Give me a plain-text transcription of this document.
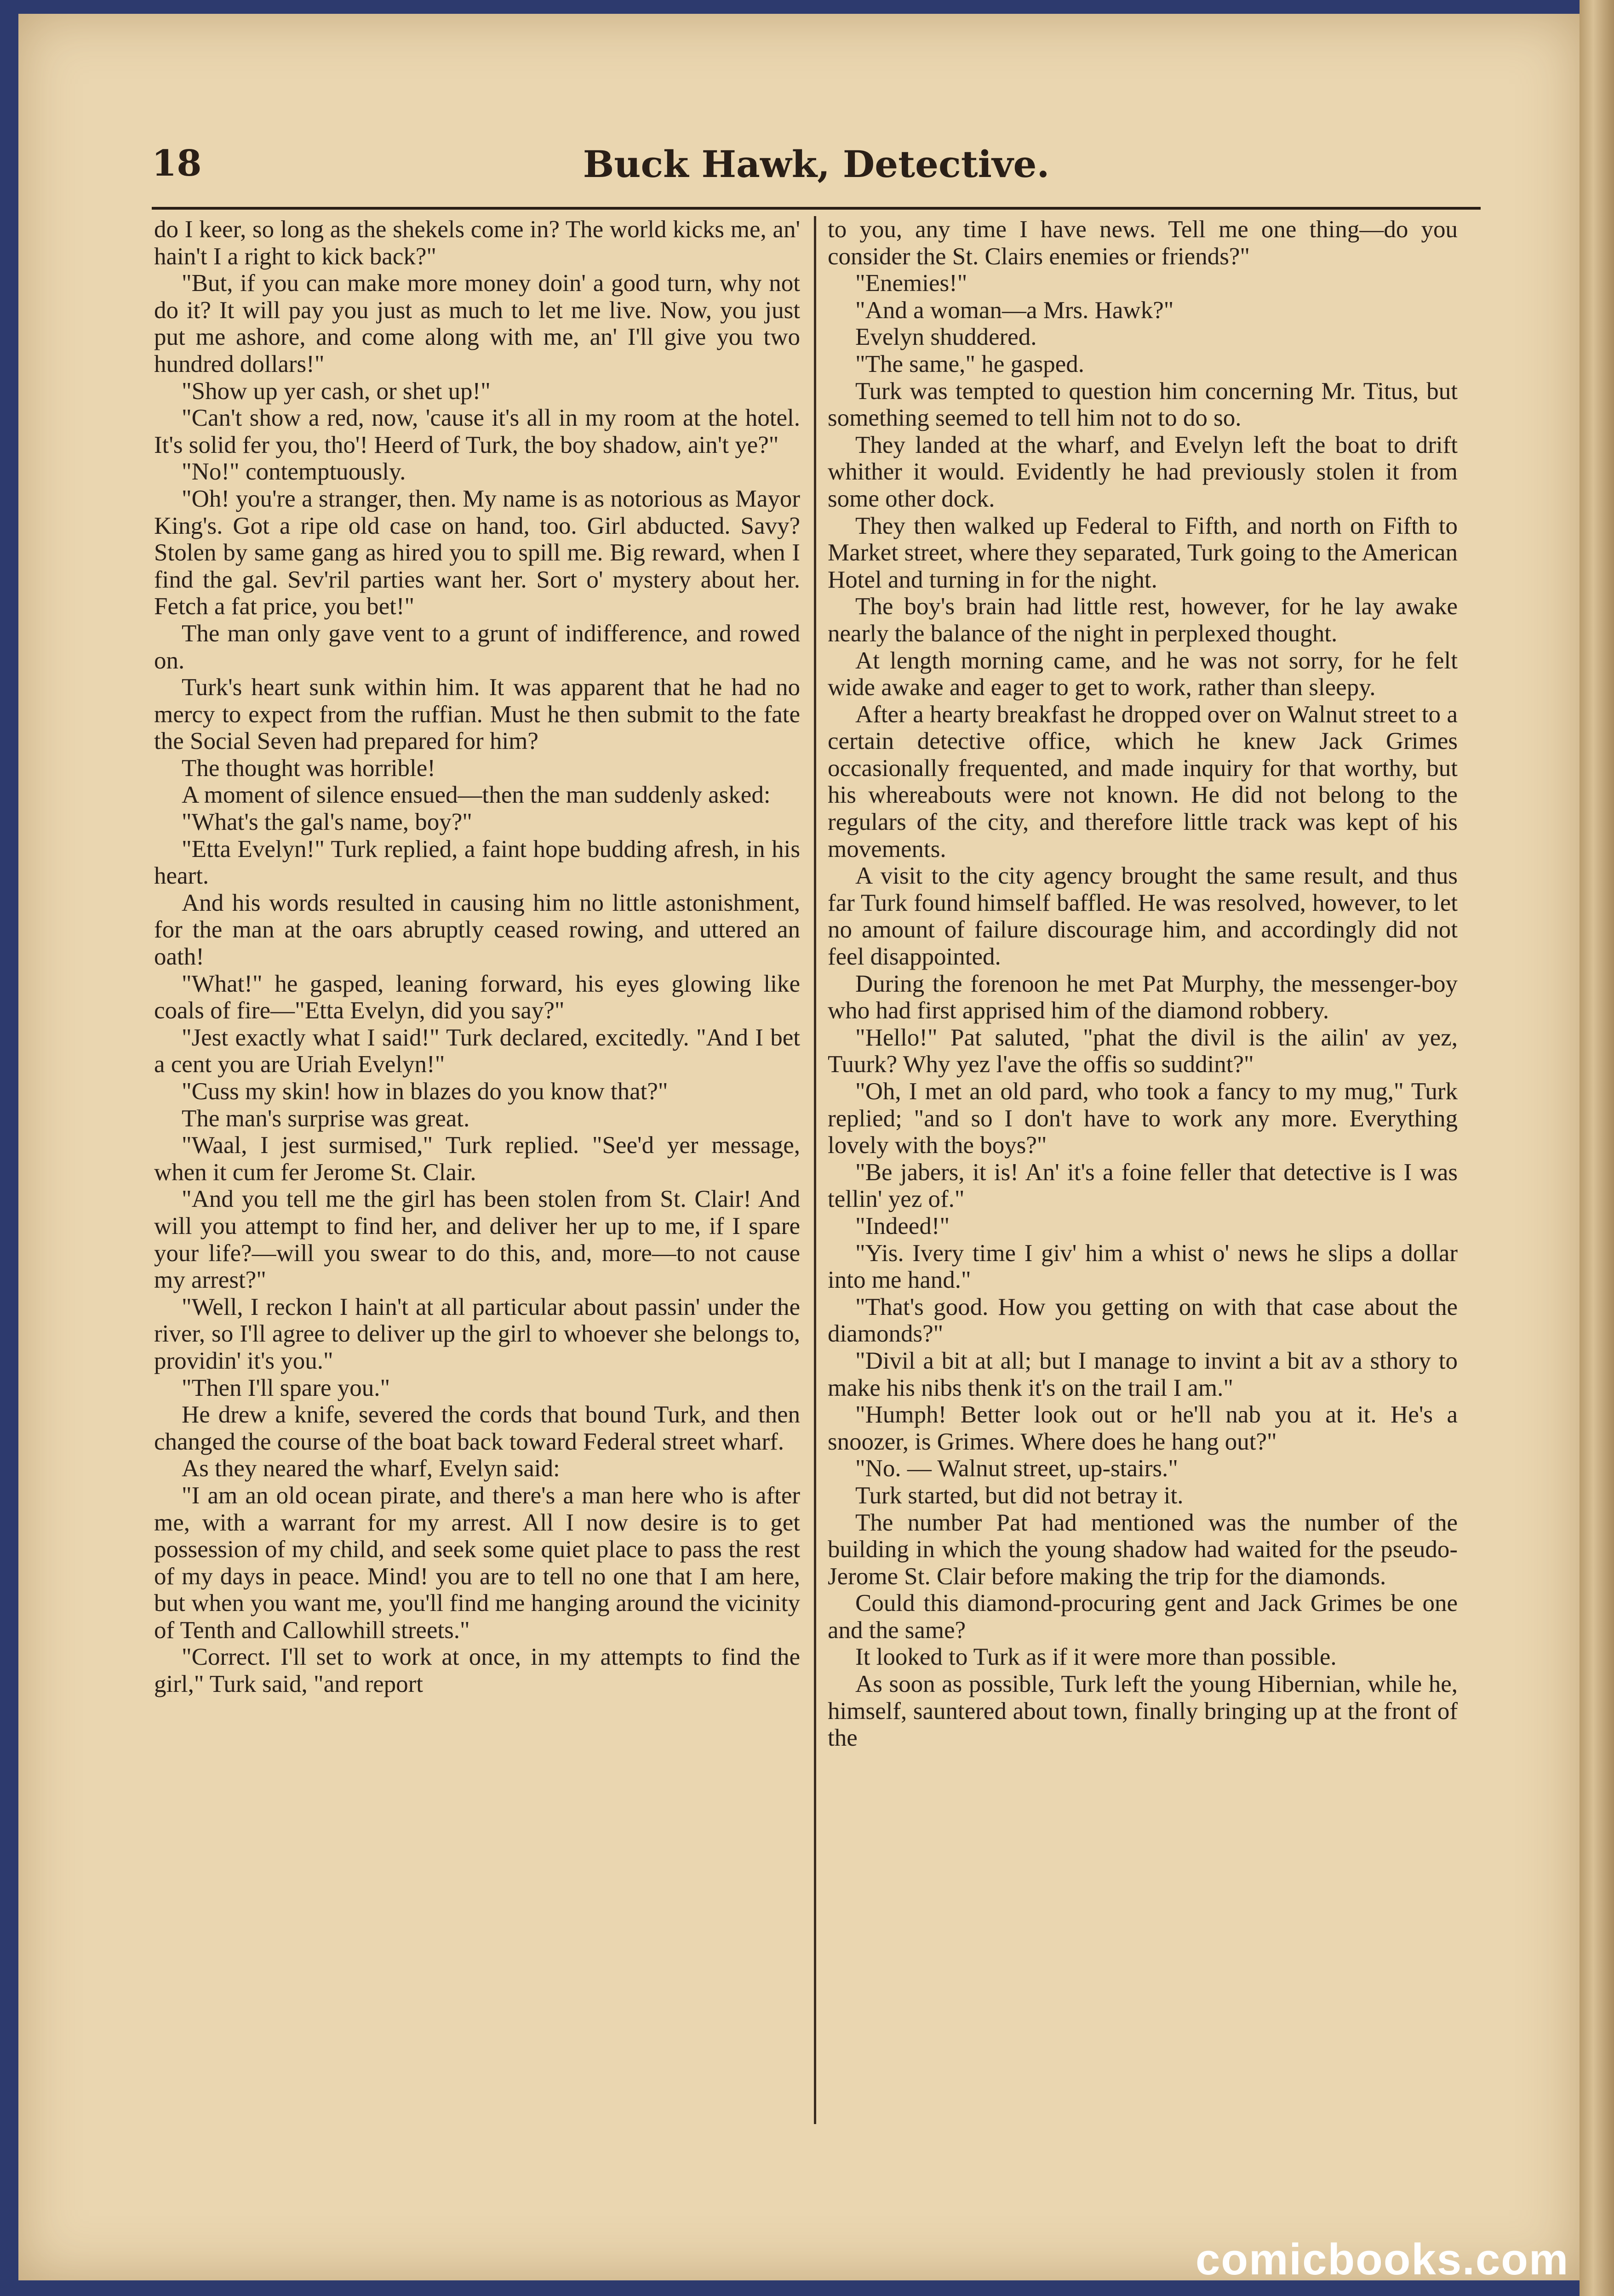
18	Buck Hawk, Detective.

do I keer, so long as the shekels come in? The world kicks me, an' hain't I a right to kick back?"

"But, if you can make more money doin' a good turn, why not do it? It will pay you just as much to let me live. Now, you just put me ashore, and come along with me, an' I'll give you two hundred dollars!"

"Show up yer cash, or shet up!"

"Can't show a red, now, 'cause it's all in my room at the hotel. It's solid fer you, tho'! Heerd of Turk, the boy shadow, ain't ye?"

"No!" contemptuously.

"Oh! you're a stranger, then. My name is as notorious as Mayor King's. Got a ripe old case on hand, too. Girl abducted. Savy? Stolen by same gang as hired you to spill me. Big reward, when I find the gal. Sev'ril parties want her. Sort o' mystery about her. Fetch a fat price, you bet!"

The man only gave vent to a grunt of indifference, and rowed on.

Turk's heart sunk within him. It was apparent that he had no mercy to expect from the ruffian. Must he then submit to the fate the Social Seven had prepared for him?

The thought was horrible!

A moment of silence ensued—then the man suddenly asked:

"What's the gal's name, boy?"

"Etta Evelyn!" Turk replied, a faint hope budding afresh, in his heart.

And his words resulted in causing him no little astonishment, for the man at the oars abruptly ceased rowing, and uttered an oath!

"What!" he gasped, leaning forward, his eyes glowing like coals of fire—"Etta Evelyn, did you say?"

"Jest exactly what I said!" Turk declared, excitedly. "And I bet a cent you are Uriah Evelyn!"

"Cuss my skin! how in blazes do you know that?"

The man's surprise was great.

"Waal, I jest surmised," Turk replied. "See'd yer message, when it cum fer Jerome St. Clair.

"And you tell me the girl has been stolen from St. Clair! And will you attempt to find her, and deliver her up to me, if I spare your life?—will you swear to do this, and, more—to not cause my arrest?"

"Well, I reckon I hain't at all particular about passin' under the river, so I'll agree to deliver up the girl to whoever she belongs to, providin' it's you."

"Then I'll spare you."

He drew a knife, severed the cords that bound Turk, and then changed the course of the boat back toward Federal street wharf.

As they neared the wharf, Evelyn said:

"I am an old ocean pirate, and there's a man here who is after me, with a warrant for my arrest. All I now desire is to get possession of my child, and seek some quiet place to pass the rest of my days in peace. Mind! you are to tell no one that I am here, but when you want me, you'll find me hanging around the vicinity of Tenth and Callowhill streets."

"Correct. I'll set to work at once, in my attempts to find the girl," Turk said, "and report

to you, any time I have news. Tell me one thing—do you consider the St. Clairs enemies or friends?"

"Enemies!"

"And a woman—a Mrs. Hawk?"

Evelyn shuddered.

"The same," he gasped.

Turk was tempted to question him concerning Mr. Titus, but something seemed to tell him not to do so.

They landed at the wharf, and Evelyn left the boat to drift whither it would. Evidently he had previously stolen it from some other dock.

They then walked up Federal to Fifth, and north on Fifth to Market street, where they separated, Turk going to the American Hotel and turning in for the night.

The boy's brain had little rest, however, for he lay awake nearly the balance of the night in perplexed thought.

At length morning came, and he was not sorry, for he felt wide awake and eager to get to work, rather than sleepy.

After a hearty breakfast he dropped over on Walnut street to a certain detective office, which he knew Jack Grimes occasionally frequented, and made inquiry for that worthy, but his whereabouts were not known. He did not belong to the regulars of the city, and therefore little track was kept of his movements.

A visit to the city agency brought the same result, and thus far Turk found himself baffled. He was resolved, however, to let no amount of failure discourage him, and accordingly did not feel disappointed.

During the forenoon he met Pat Murphy, the messenger-boy who had first apprised him of the diamond robbery.

"Hello!" Pat saluted, "phat the divil is the ailin' av yez, Tuurk? Why yez l'ave the offis so suddint?"

"Oh, I met an old pard, who took a fancy to my mug," Turk replied; "and so I don't have to work any more. Everything lovely with the boys?"

"Be jabers, it is! An' it's a foine feller that detective is I was tellin' yez of."

"Indeed!"

"Yis. Ivery time I giv' him a whist o' news he slips a dollar into me hand."

"That's good. How you getting on with that case about the diamonds?"

"Divil a bit at all; but I manage to invint a bit av a sthory to make his nibs thenk it's on the trail I am."

"Humph! Better look out or he'll nab you at it. He's a snoozer, is Grimes. Where does he hang out?"

"No. — Walnut street, up-stairs."

Turk started, but did not betray it.

The number Pat had mentioned was the number of the building in which the young shadow had waited for the pseudo-Jerome St. Clair before making the trip for the diamonds.

Could this diamond-procuring gent and Jack Grimes be one and the same?

It looked to Turk as if it were more than possible.

As soon as possible, Turk left the young Hibernian, while he, himself, sauntered about town, finally bringing up at the front of the

comicbooks.com
